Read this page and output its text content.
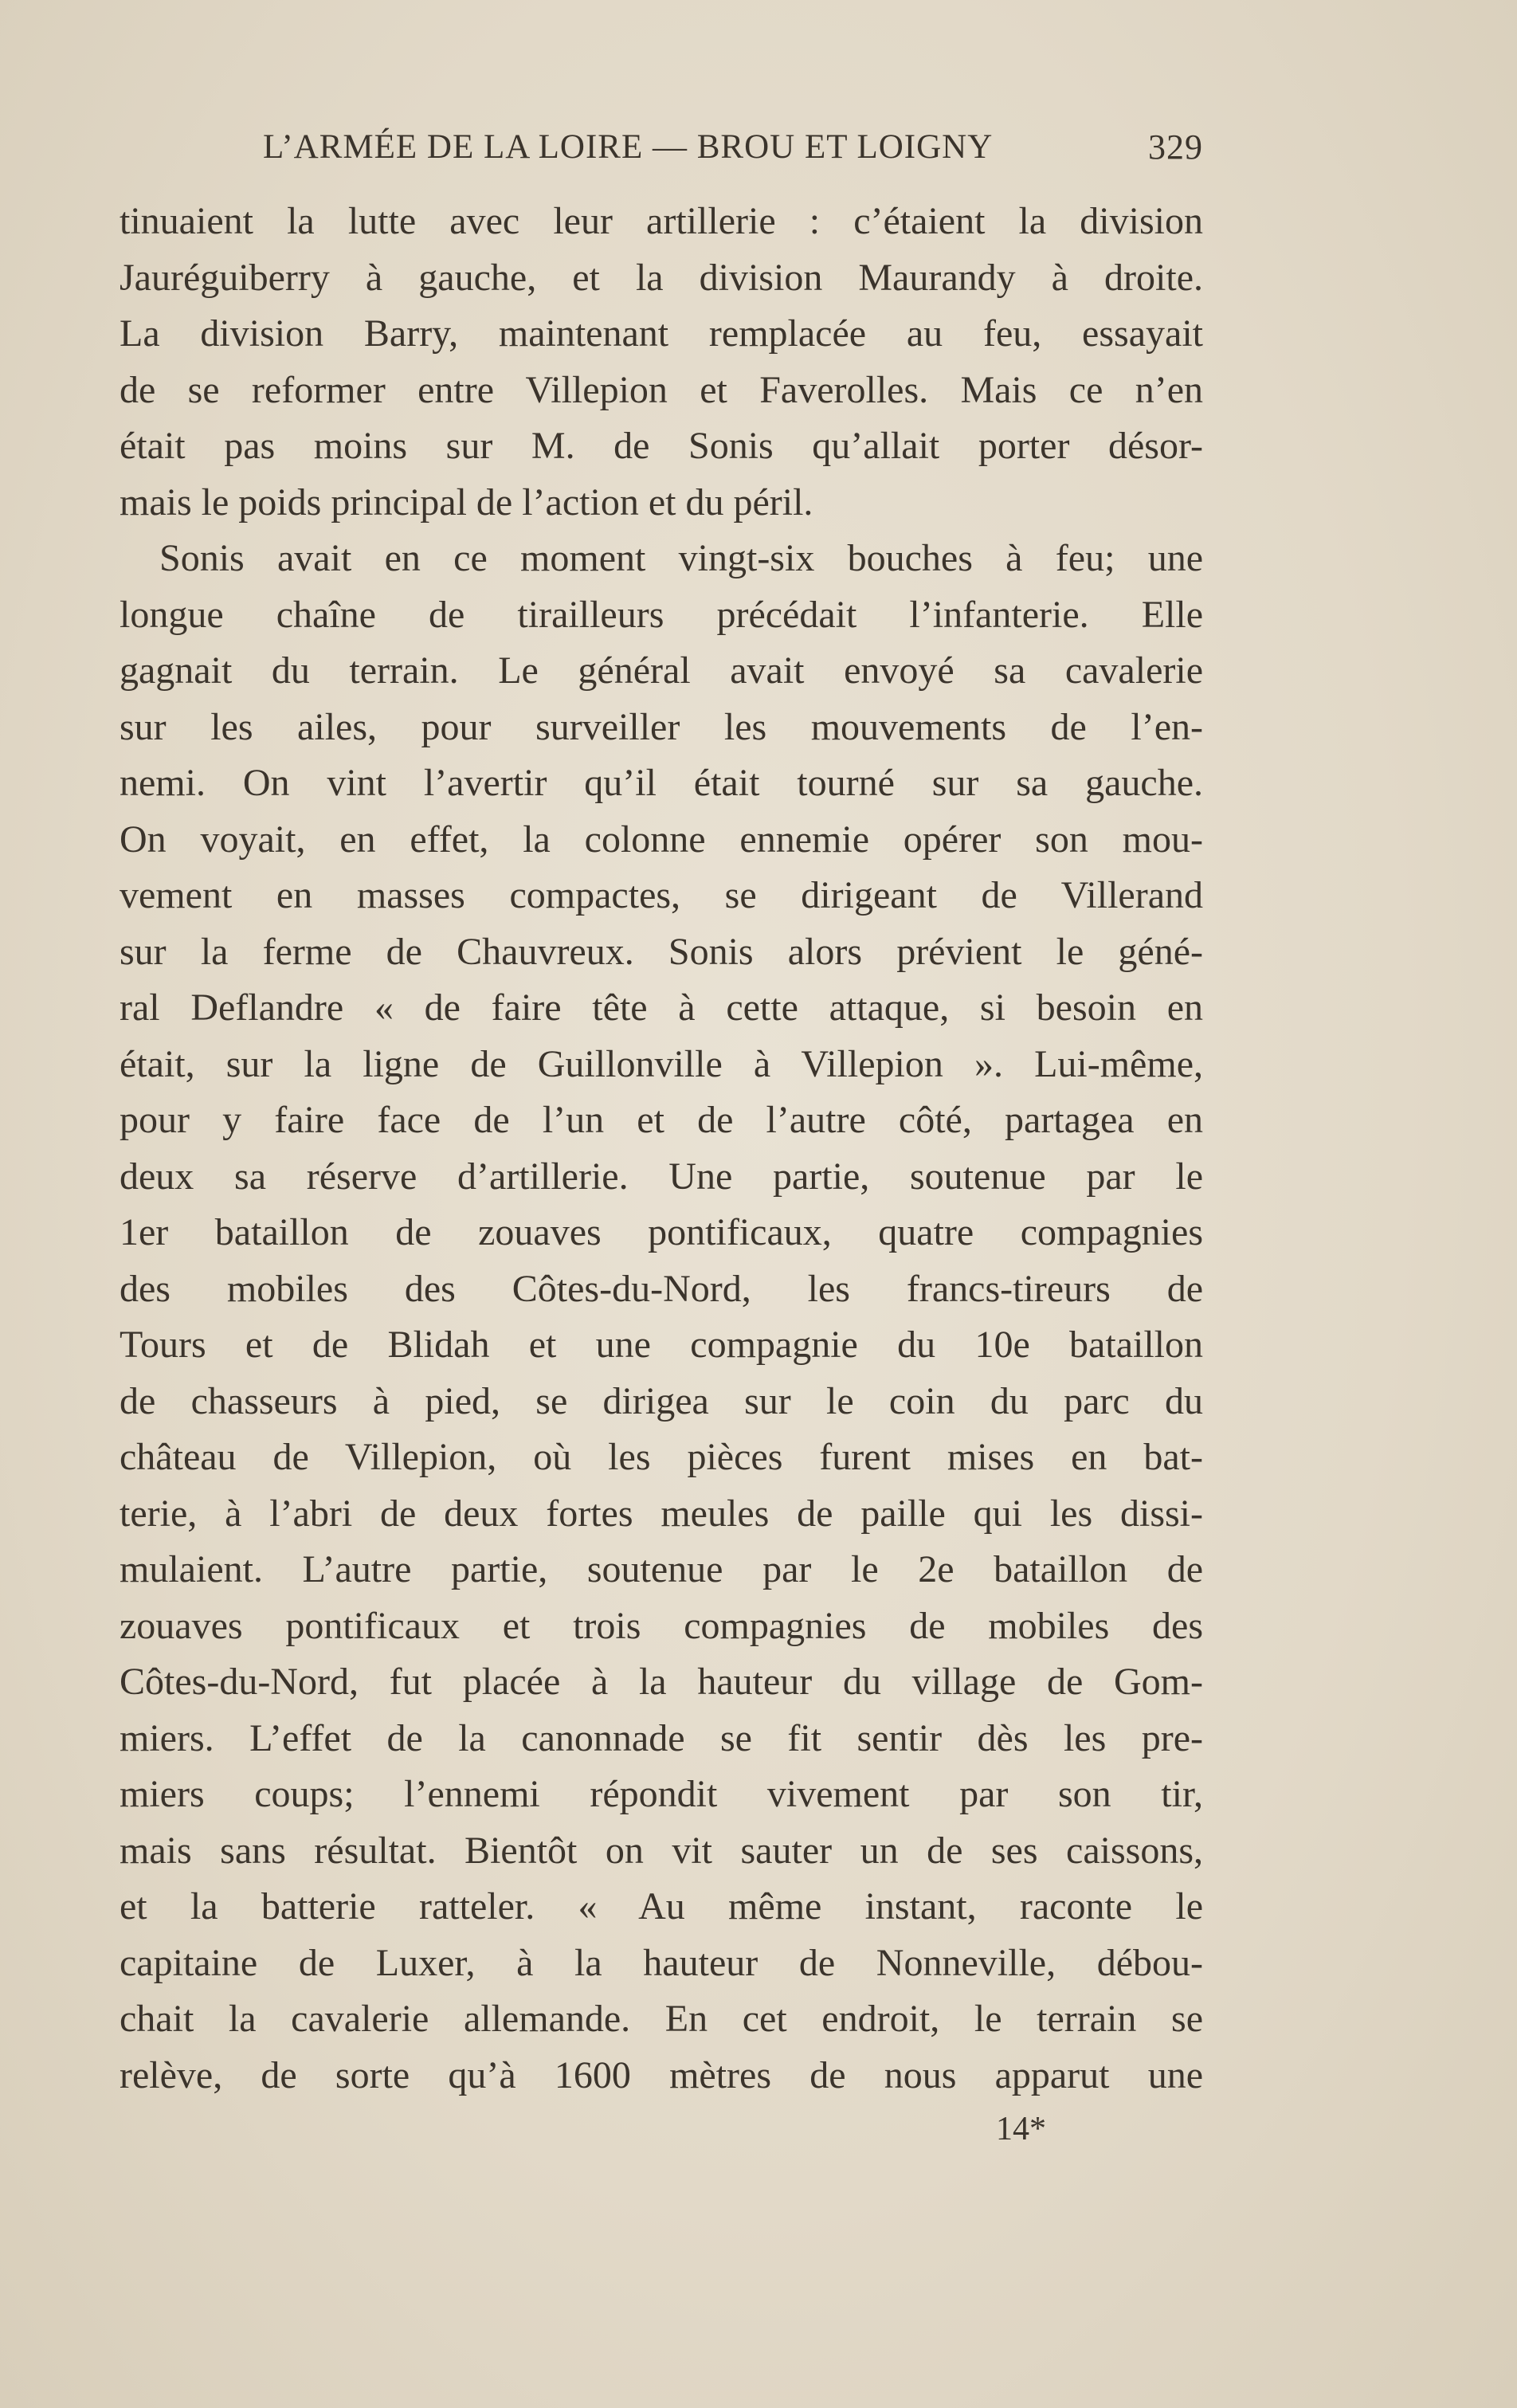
L’ARMÉE DE LA LOIRE — BROU ET LOIGNY	329
tinuaient la lutte avec leur artillerie : c’étaient la division
Jauréguiberry à gauche, et la division Maurandy à droite.
La division Barry, maintenant remplacée au feu, essayait
de se reformer entre Villepion et Faverolles. Mais ce n’en
était pas moins sur M. de Sonis qu’allait porter désor-
mais le poids principal de l’action et du péril.
Sonis avait en ce moment vingt-six bouches à feu; une
longue chaîne de tirailleurs précédait l’infanterie. Elle
gagnait du terrain. Le général avait envoyé sa cavalerie
sur les ailes, pour surveiller les mouvements de l’en-
nemi. On vint l’avertir qu’il était tourné sur sa gauche.
On voyait, en effet, la colonne ennemie opérer son mou-
vement en masses compactes, se dirigeant de Villerand
sur la ferme de Chauvreux. Sonis alors prévient le géné-
ral Deflandre « de faire tête à cette attaque, si besoin en
était, sur la ligne de Guillonville à Villepion ». Lui-même,
pour y faire face de l’un et de l’autre côté, partagea en
deux sa réserve d’artillerie. Une partie, soutenue par le
1er bataillon de zouaves pontificaux, quatre compagnies
des mobiles des Côtes-du-Nord, les francs-tireurs de
Tours et de Blidah et une compagnie du 10e bataillon
de chasseurs à pied, se dirigea sur le coin du parc du
château de Villepion, où les pièces furent mises en bat-
terie, à l’abri de deux fortes meules de paille qui les dissi-
mulaient. L’autre partie, soutenue par le 2e bataillon de
zouaves pontificaux et trois compagnies de mobiles des
Côtes-du-Nord, fut placée à la hauteur du village de Gom-
miers. L’effet de la canonnade se fit sentir dès les pre-
miers coups; l’ennemi répondit vivement par son tir,
mais sans résultat. Bientôt on vit sauter un de ses caissons,
et la batterie ratteler. « Au même instant, raconte le
capitaine de Luxer, à la hauteur de Nonneville, débou-
chait la cavalerie allemande. En cet endroit, le terrain se
relève, de sorte qu’à 1600 mètres de nous apparut une
14*
